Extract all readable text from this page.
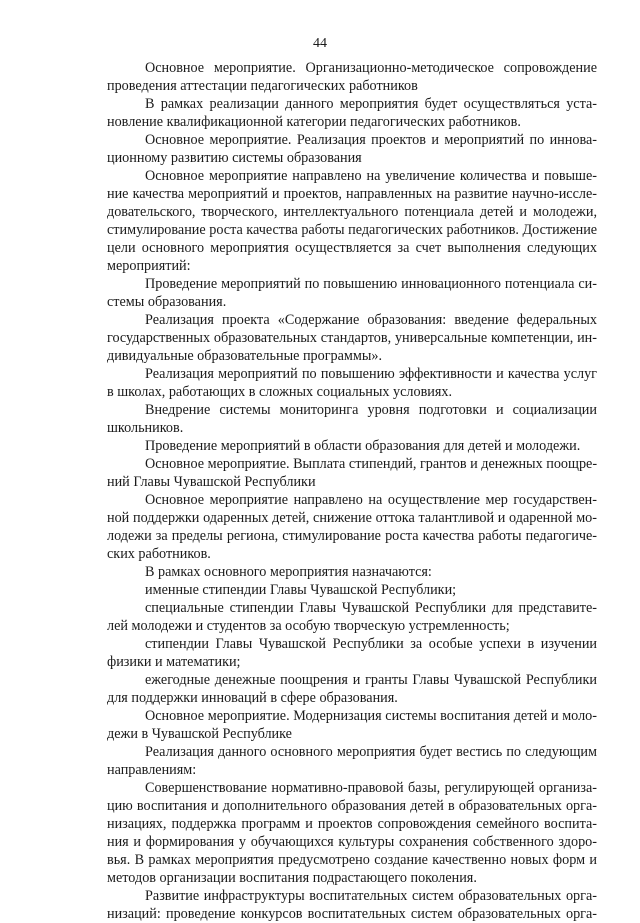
44
Основное мероприятие. Организационно-методическое сопровождение
проведения аттестации педагогических работников
В рамках реализации данного мероприятия будет осуществляться уста-
новление квалификационной категории педагогических работников.
Основное мероприятие. Реализация проектов и мероприятий по иннова-
ционному развитию системы образования
Основное мероприятие направлено на увеличение количества и повыше-
ние качества мероприятий и проектов, направленных на развитие научно-иссле-
довательского, творческого, интеллектуального потенциала детей и молодежи,
стимулирование роста качества работы педагогических работников. Достижение
цели основного мероприятия осуществляется за счет выполнения следующих
мероприятий:
Проведение мероприятий по повышению инновационного потенциала си-
стемы образования.
Реализация проекта «Содержание образования: введение федеральных
государственных образовательных стандартов, универсальные компетенции, ин-
дивидуальные образовательные программы».
Реализация мероприятий по повышению эффективности и качества услуг
в школах, работающих в сложных социальных условиях.
Внедрение системы мониторинга уровня подготовки и социализации
школьников.
Проведение мероприятий в области образования для детей и молодежи.
Основное мероприятие. Выплата стипендий, грантов и денежных поощре-
ний Главы Чувашской Республики
Основное мероприятие направлено на осуществление мер государствен-
ной поддержки одаренных детей, снижение оттока талантливой и одаренной мо-
лодежи за пределы региона, стимулирование роста качества работы педагогиче-
ских работников.
В рамках основного мероприятия назначаются:
именные стипендии Главы Чувашской Республики;
специальные стипендии Главы Чувашской Республики для представите-
лей молодежи и студентов за особую творческую устремленность;
стипендии Главы Чувашской Республики за особые успехи в изучении
физики и математики;
ежегодные денежные поощрения и гранты Главы Чувашской Республики
для поддержки инноваций в сфере образования.
Основное мероприятие. Модернизация системы воспитания детей и моло-
дежи в Чувашской Республике
Реализация данного основного мероприятия будет вестись по следующим
направлениям:
Совершенствование нормативно-правовой базы, регулирующей организа-
цию воспитания и дополнительного образования детей в образовательных орга-
низациях, поддержка программ и проектов сопровождения семейного воспита-
ния и формирования у обучающихся культуры сохранения собственного здоро-
вья. В рамках мероприятия предусмотрено создание качественно новых форм и
методов организации воспитания подрастающего поколения.
Развитие инфраструктуры воспитательных систем образовательных орга-
низаций: проведение конкурсов воспитательных систем образовательных орга-
